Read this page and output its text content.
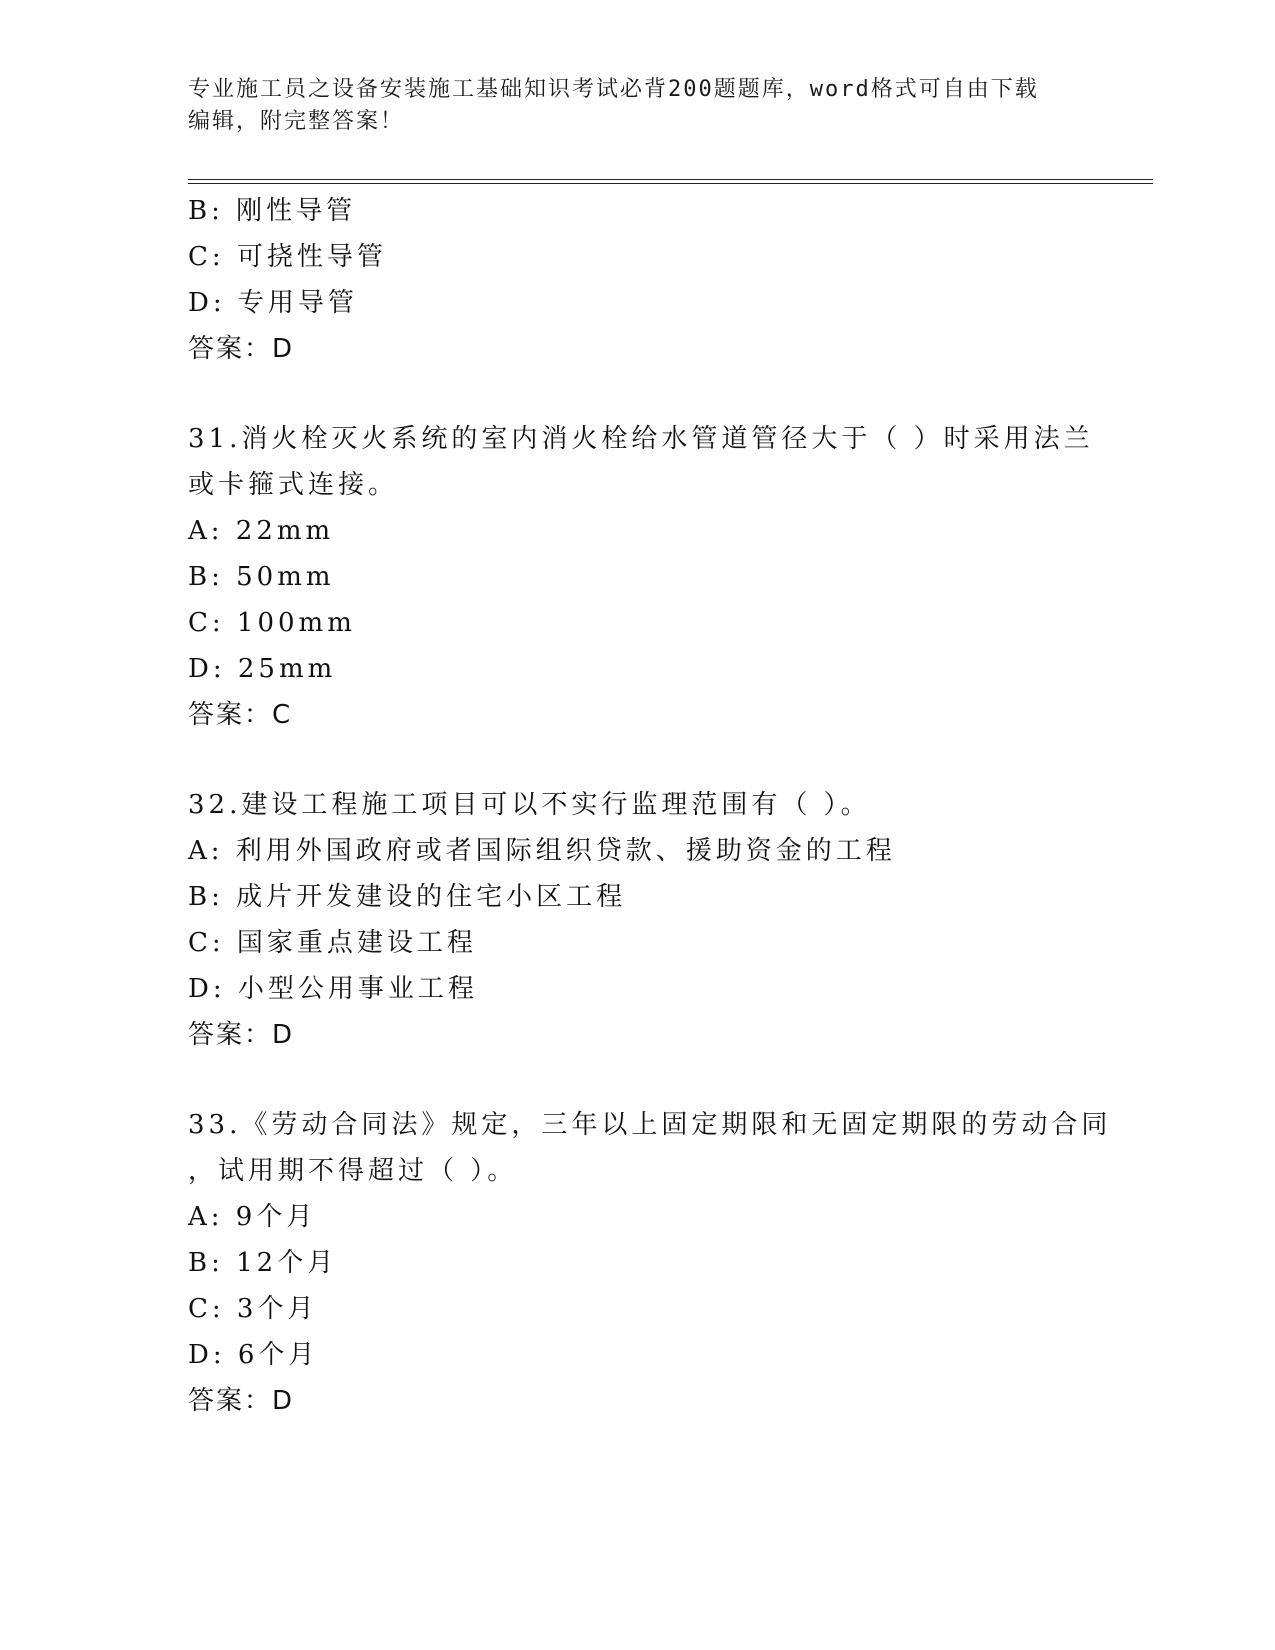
专业施工员之设备安装施工基础知识考试必背200题题库，word格式可自由下载
编辑，附完整答案！
B: 刚性导管
C: 可挠性导管
D: 专用导管
答案：D
31.消火栓灭火系统的室内消火栓给水管道管径大于（ ）时采用法兰
或卡箍式连接。
A: 22mm
B: 50mm
C: 100mm
D: 25mm
答案：C
32.建设工程施工项目可以不实行监理范围有（ ）。
A: 利用外国政府或者国际组织贷款、援助资金的工程
B: 成片开发建设的住宅小区工程
C: 国家重点建设工程
D: 小型公用事业工程
答案：D
33.《劳动合同法》规定，三年以上固定期限和无固定期限的劳动合同
，试用期不得超过（ ）。
A: 9个月
B: 12个月
C: 3个月
D: 6个月
答案：D
